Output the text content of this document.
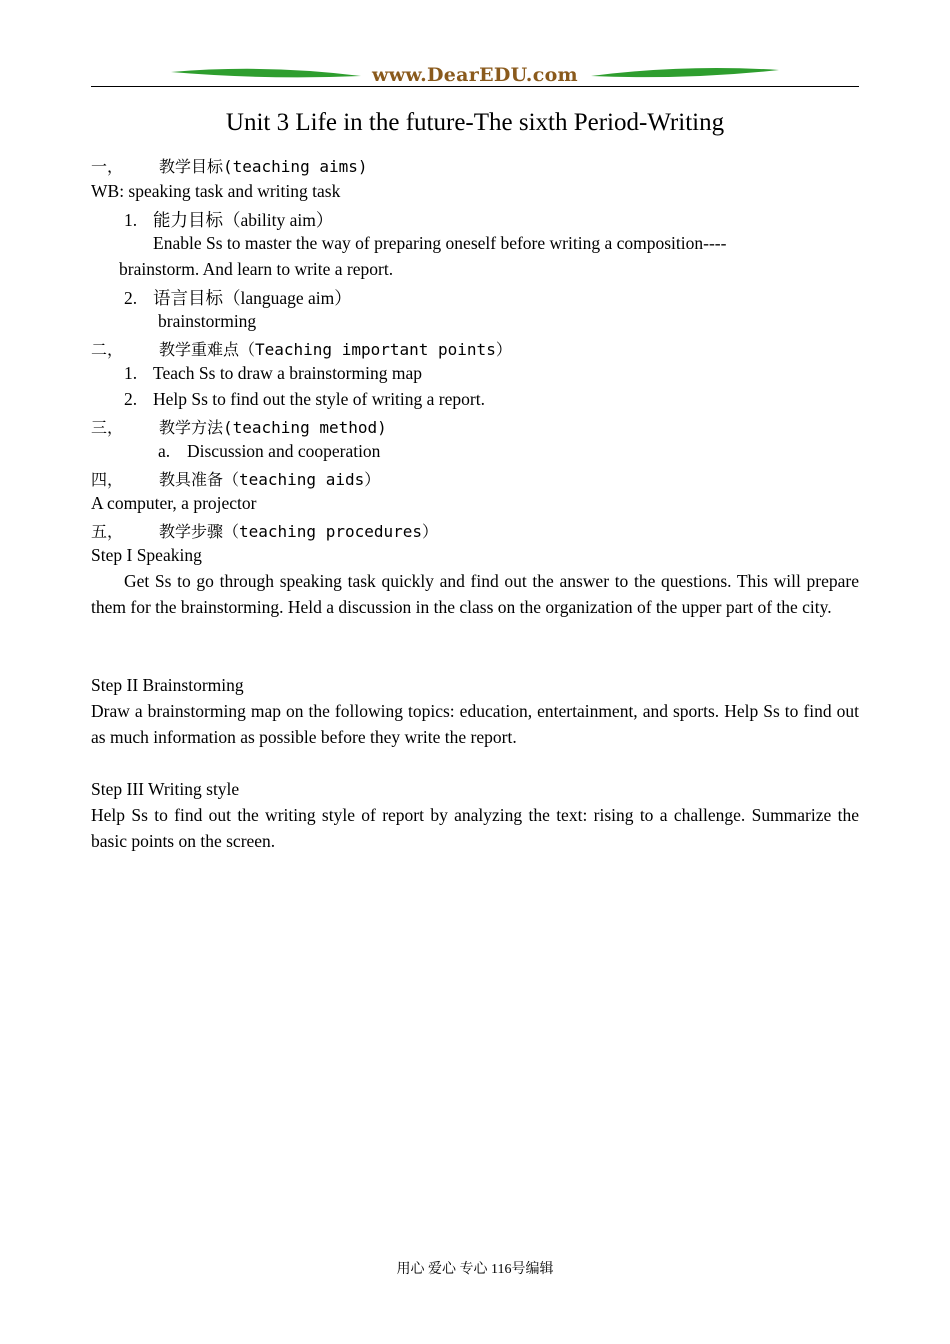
www.DearEDU.com
Unit 3 Life in the future-The sixth Period-Writing
一， 教学目标(teaching aims)
WB: speaking task and writing task
1. 能力目标（ability aim）
Enable Ss to master the way of preparing oneself before writing a composition----
brainstorm. And learn to write a report.
2. 语言目标（language aim）
brainstorming
二， 教学重难点（Teaching important points）
1. Teach Ss to draw a brainstorming map
2. Help Ss to find out the style of writing a report.
三， 教学方法(teaching method)
a. Discussion and cooperation
四， 教具准备（teaching aids）
A computer, a projector
五， 教学步骤（teaching procedures）
Step I Speaking
Get Ss to go through speaking task quickly and find out the answer to the questions. This will prepare them for the brainstorming. Held a discussion in the class on the organization of the upper part of the city.
Step II Brainstorming
Draw a brainstorming map on the following topics: education, entertainment, and sports. Help Ss to find out as much information as possible before they write the report.
Step III Writing style
Help Ss to find out the writing style of report by analyzing the text: rising to a challenge. Summarize the basic points on the screen.
用心 爱心 专心 116号编辑
